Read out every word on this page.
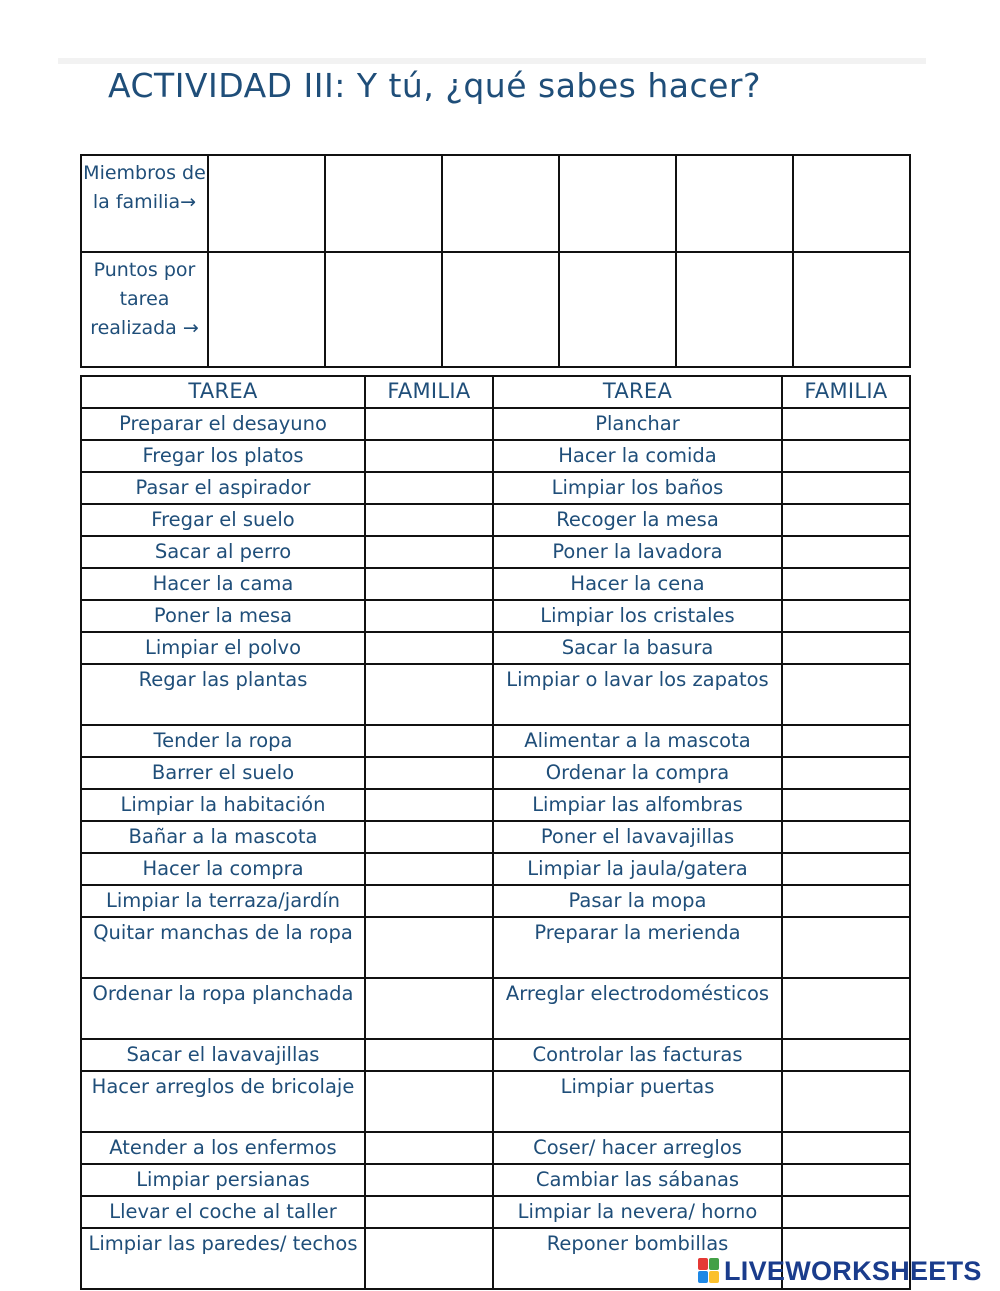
ACTIVIDAD III: Y tú, ¿qué sabes hacer?
Miembros de la familia→						
Puntos por tarea realizada →						
TAREA	FAMILIA	TAREA	FAMILIA
Preparar el desayuno		Planchar	
Fregar los platos		Hacer la comida	
Pasar el aspirador		Limpiar los baños	
Fregar el suelo		Recoger la mesa	
Sacar al perro		Poner la lavadora	
Hacer la cama		Hacer la cena	
Poner la mesa		Limpiar los cristales	
Limpiar el polvo		Sacar la basura	
Regar las plantas		Limpiar o lavar los zapatos	
Tender la ropa		Alimentar a la mascota	
Barrer el suelo		Ordenar la compra	
Limpiar la habitación		Limpiar las alfombras	
Bañar a la mascota		Poner el lavavajillas	
Hacer la compra		Limpiar la jaula/gatera	
Limpiar la terraza/jardín		Pasar la mopa	
Quitar manchas de la ropa		Preparar la merienda	
Ordenar la ropa planchada		Arreglar electrodomésticos	
Sacar el lavavajillas		Controlar las facturas	
Hacer arreglos de bricolaje		Limpiar puertas	
Atender a los enfermos		Coser/ hacer arreglos	
Limpiar persianas		Cambiar las sábanas	
Llevar el coche al taller		Limpiar la nevera/ horno	
Limpiar las paredes/ techos		Reponer bombillas	
LIVEWORKSHEETS
